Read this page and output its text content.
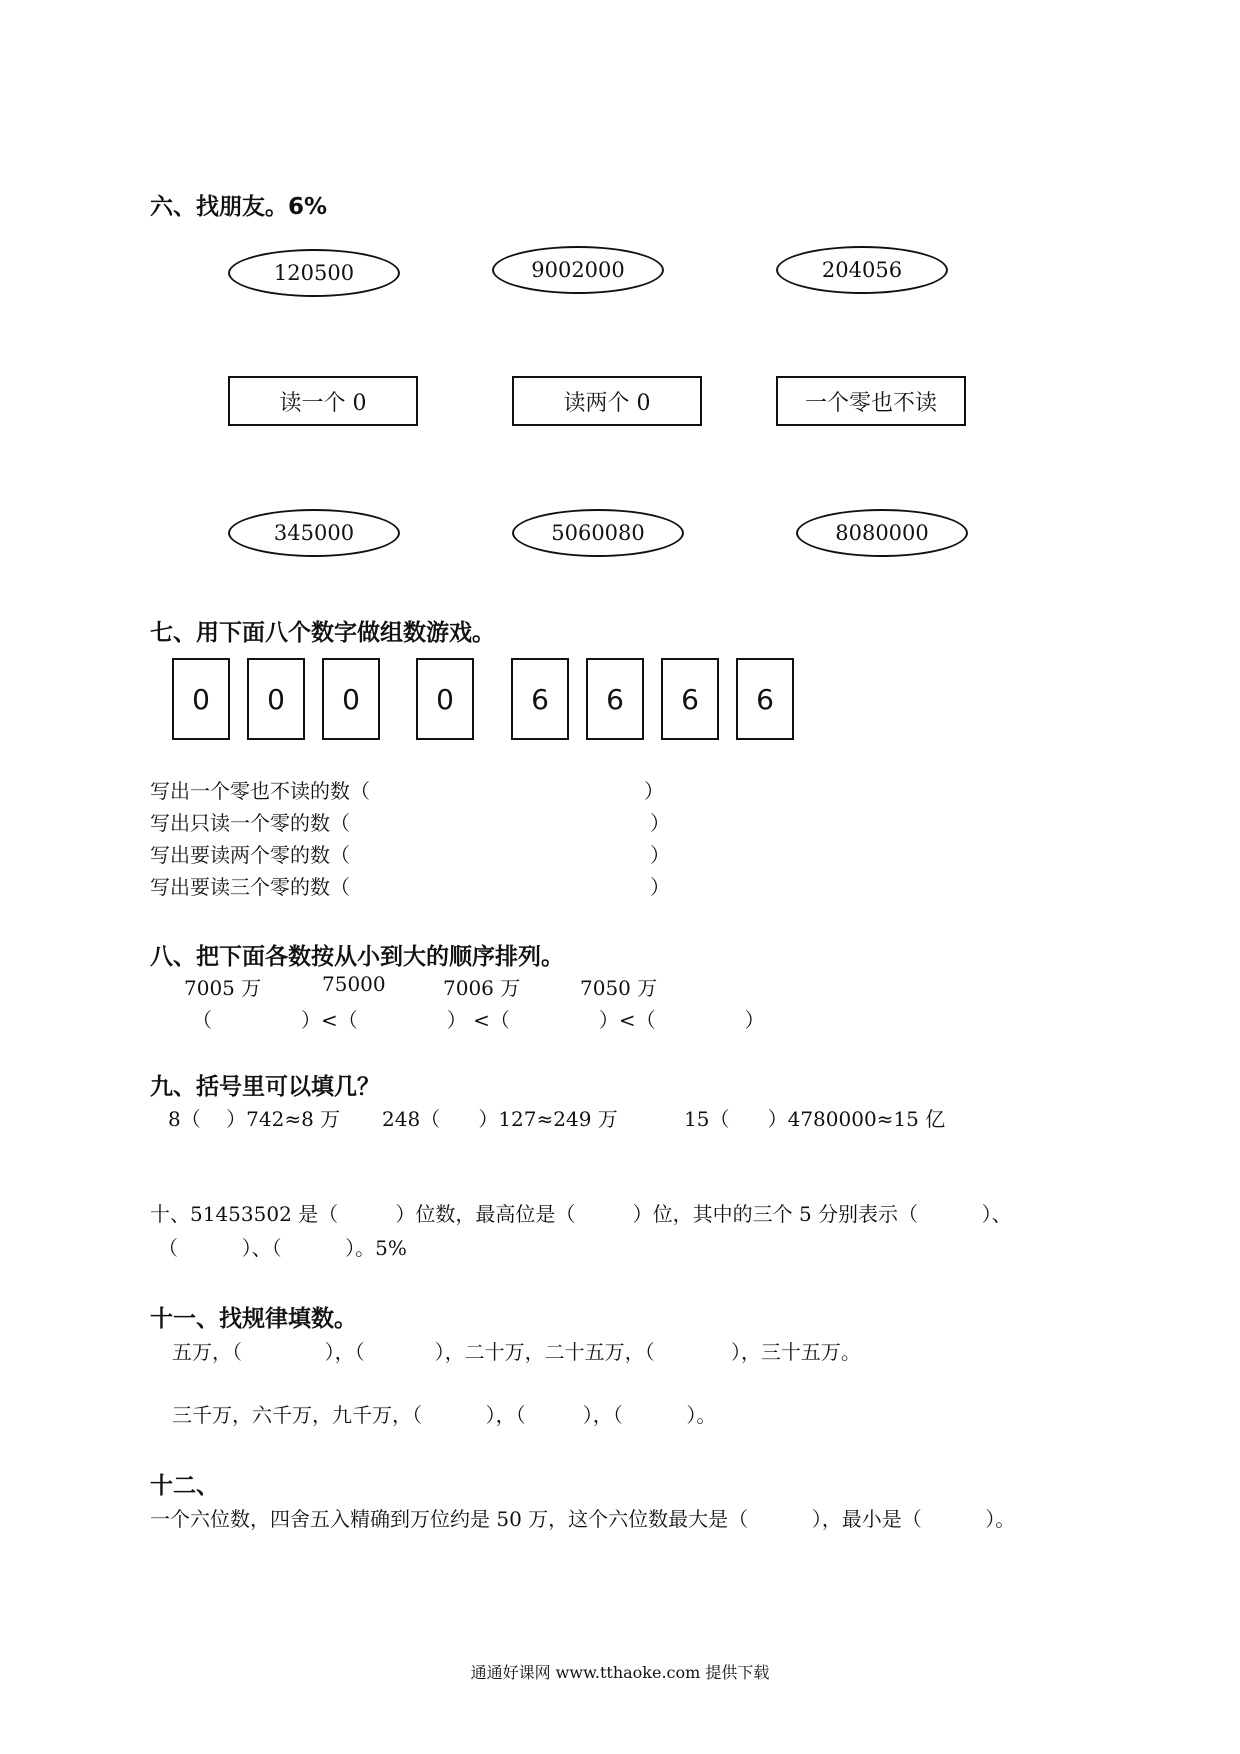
六、找朋友。6%
120500	9002000	204056
读一个 0	读两个 0	一个零也不读
345000	5060080	8080000
七、用下面八个数字做组数游戏。
0	0	0	0	6	6	6	6
写出一个零也不读的数（	）
写出只读一个零的数（	）
写出要读两个零的数（	）
写出要读三个零的数（	）
八、把下面各数按从小到大的顺序排列。
7005 万	75000	7006 万	7050 万
（              ）<（              ） <（              ）<（              ）
九、括号里可以填几？
8（    ）742≈8 万 248（      ）127≈249 万	15（      ）4780000≈15 亿
十、51453502 是（         ）位数，最高位是（         ）位，其中的三个 5 分别表示（          ）、
（          ）、（          ）。5%
十一、找规律填数。
五万，（             ），（           ），二十万，二十五万，（            ），三十五万。
三千万，六千万，九千万，（          ），（         ），（          ）。
十二、
一个六位数，四舍五入精确到万位约是 50 万，这个六位数最大是（          ），最小是（          ）。
通通好课网 www.tthaoke.com 提供下载
